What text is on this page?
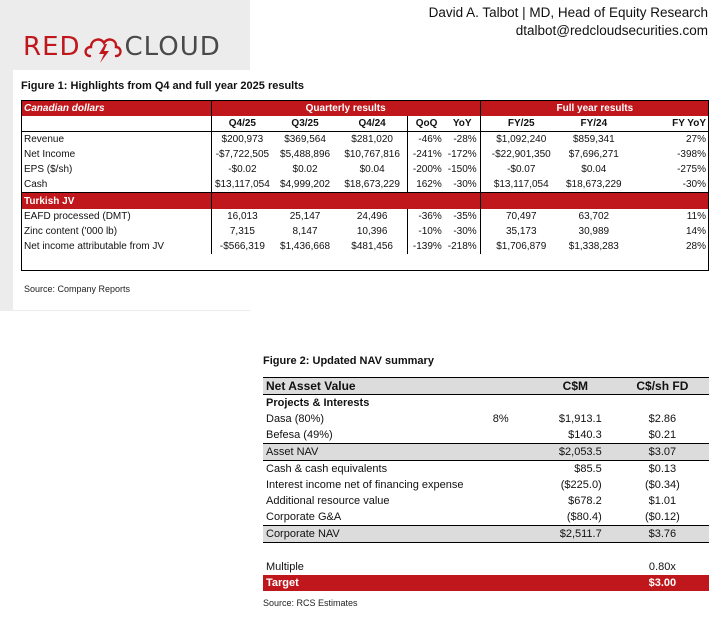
RED CLOUD
David A. Talbot | MD, Head of Equity Research
dtalbot@redcloudsecurities.com
Figure 1: Highlights from Q4 and full year 2025 results
Canadian dollars	Quarterly results					Full year results		
	Q4/25	Q3/25	Q4/24	QoQ	YoY	FY/25	FY/24	FY YoY
Revenue	$200,973	$369,564	$281,020	-46%	-28%	$1,092,240	$859,341	27%
Net Income	-$7,722,505	$5,488,896	$10,767,816	-241%	-172%	-$22,901,350	$7,696,271	-398%
EPS ($/sh)	-$0.02	$0.02	$0.04	-200%	-150%	-$0.07	$0.04	-275%
Cash	$13,117,054	$4,999,202	$18,673,229	162%	-30%	$13,117,054	$18,673,229	-30%
Turkish JV								
EAFD processed (DMT)	16,013	25,147	24,496	-36%	-35%	70,497	63,702	11%
Zinc content ('000 lb)	7,315	8,147	10,396	-10%	-30%	35,173	30,989	14%
Net income attributable from JV	-$566,319	$1,436,668	$481,456	-139%	-218%	$1,706,879	$1,338,283	28%
Source: Company Reports
Figure 2: Updated NAV summary
Net Asset Value		C$M	C$/sh FD
Projects & Interests			
Dasa (80%)	8%	$1,913.1	$2.86
Befesa (49%)		$140.3	$0.21
Asset NAV		$2,053.5	$3.07
Cash & cash equivalents		$85.5	$0.13
Interest income net of financing expense		($225.0)	($0.34)
Additional resource value		$678.2	$1.01
Corporate G&A		($80.4)	($0.12)
Corporate NAV		$2,511.7	$3.76

Multiple			0.80x
Target			$3.00
Source: RCS Estimates
